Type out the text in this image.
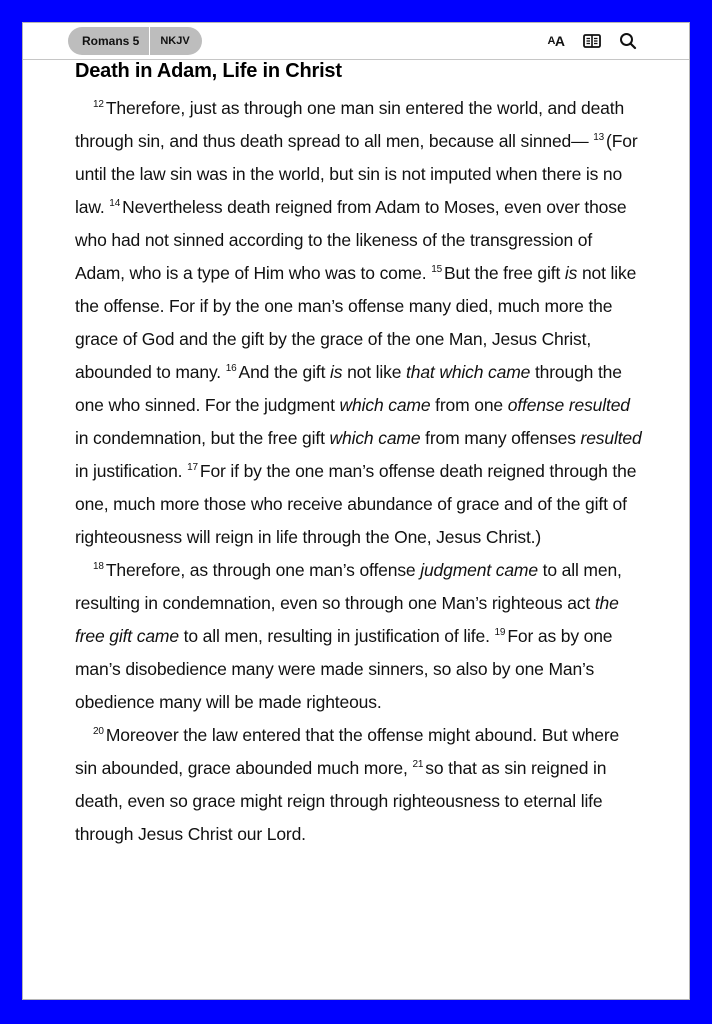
Romans 5	NKJV	A A
Death in Adam, Life in Christ

$^{12}$ Therefore, just as through one man sin entered the world, and death through sin, and thus death spread to all men, because all sinned— $^{13}$ (For until the law sin was in the world, but sin is not imputed when there is no law. $^{14}$ Nevertheless death reigned from Adam to Moses, even over those who had not sinned according to the likeness of the transgression of Adam, who is a type of Him who was to come. $^{15}$ But the free gift is not like the offense. For if by the one man’s offense many died, much more the grace of God and the gift by the grace of the one Man, Jesus Christ, abounded to many. $^{16}$ And the gift is not like that which came through the one who sinned. For the judgment which came from one offense resulted in condemnation, but the free gift which came from many offenses resulted in justification. $^{17}$ For if by the one man’s offense death reigned through the one, much more those who receive abundance of grace and of the gift of righteousness will reign in life through the One, Jesus Christ.)

$^{18}$ Therefore, as through one man’s offense judgment came to all men, resulting in condemnation, even so through one Man’s righteous act the free gift came to all men, resulting in justification of life. $^{19}$ For as by one man’s disobedience many were made sinners, so also by one Man’s obedience many will be made righteous.

$^{20}$ Moreover the law entered that the offense might abound. But where sin abounded, grace abounded much more, $^{21}$ so that as sin reigned in death, even so grace might reign through righteousness to eternal life through Jesus Christ our Lord.
